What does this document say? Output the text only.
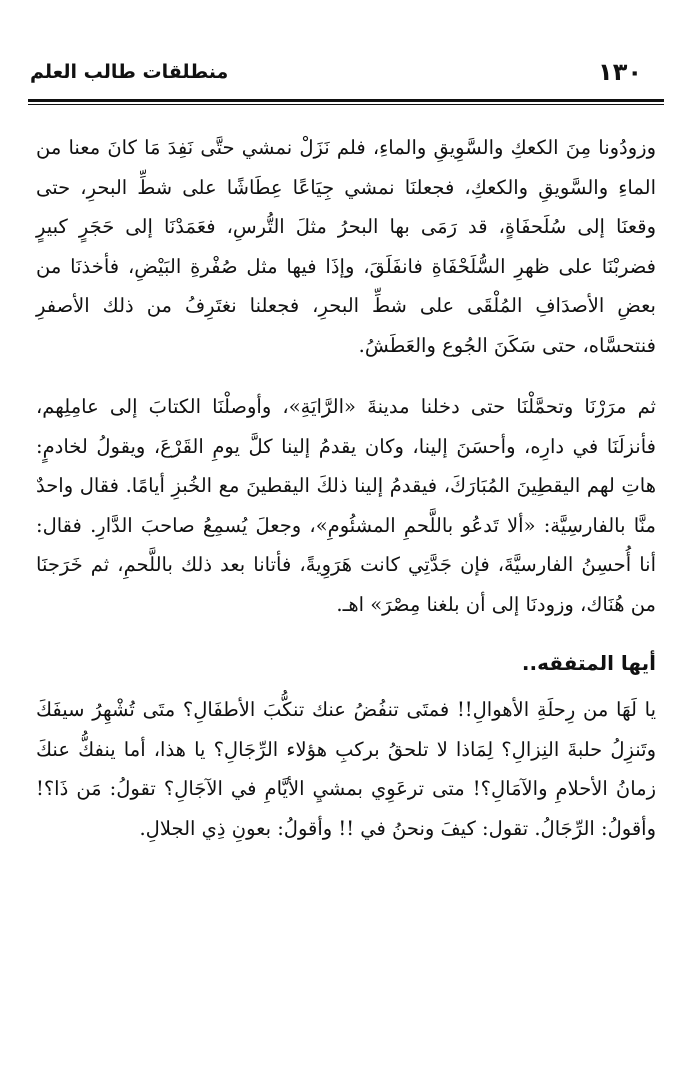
١٣٠
منطلقات طالب العلم

وزودُونا مِنَ الكعكِ والسَّوِيقِ والماءِ، فلم نَزَلْ نمشي حتَّى نَفِدَ مَا كانَ معنا من الماءِ والسَّويقِ والكعكِ، فجعلنَا نمشي جِيَاعًا عِطَاشًا على شطِّ البحرِ، حتى وقعنَا إلى سُلَحفَاةٍ، قد رَمَى بها البحرُ مثلَ التُّرسِ، فعَمَدْنَا إلى حَجَرٍ كبيرٍ فضربْنَا على ظهرِ السُّلَحْفَاةِ فانفَلَقَ، وإذَا فيها مثل صُفْرةِ البَيْضِ، فأخذنَا من بعضِ الأصدَافِ المُلْقَى على شطِّ البحرِ، فجعلنا نغتَرِفُ من ذلك الأصفرِ فنتحسَّاه، حتى سَكَنَ الجُوع والعَطَشُ.

ثم مرَرْنَا وتحمَّلْنَا حتى دخلنا مدينةَ «الرَّايَةِ»، وأوصلْنَا الكتابَ إلى عامِلِهم، فأنزلَنَا في دارِه، وأحسَنَ إلينا، وكان يقدمُ إلينا كلَّ يومِ القَرْعَ، ويقولُ لخادمٍ: هاتِ لهم اليقطِينَ المُبَارَكَ، فيقدمُ إلينا ذلكَ اليقطينَ مع الخُبزِ أيامًا. فقال واحدٌ منَّا بالفارسِيَّة: «ألا تَدعُو باللَّحمِ المشئُومِ»، وجعلَ يُسمِعُ صاحبَ الدَّارِ. فقال: أنا أُحسِنُ الفارسيَّةَ، فإن جَدَّتِي كانت هَرَوِيةً، فأتانا بعد ذلك باللَّحمِ، ثم خَرَجنَا من هُنَاك، وزودنَا إلى أن بلغنا مِصْرَ» اهـ.

أيها المتفقه..

يا لَهَا من رِحلَةِ الأهوالِ!! فمتَى تنفُضُ عنك تنكُّبَ الأطفَالِ؟ متَى تُشْهِرُ سيفَكَ وتَنزِلُ حلبةَ النِزالِ؟ لِمَاذا لا تلحقُ بركبِ هؤلاء الرِّجَالِ؟ يا هذا، أما ينفكُّ عنكَ زمانُ الأحلامِ والآمَالِ؟! متى ترعَوِي بمشيِ الأيَّامِ في الآجَالِ؟ تقولُ: مَن ذَا؟! وأقولُ: الرِّجَالُ. تقول: كيفَ ونحنُ في !! وأقولُ: بعونِ ذِي الجلالِ.
